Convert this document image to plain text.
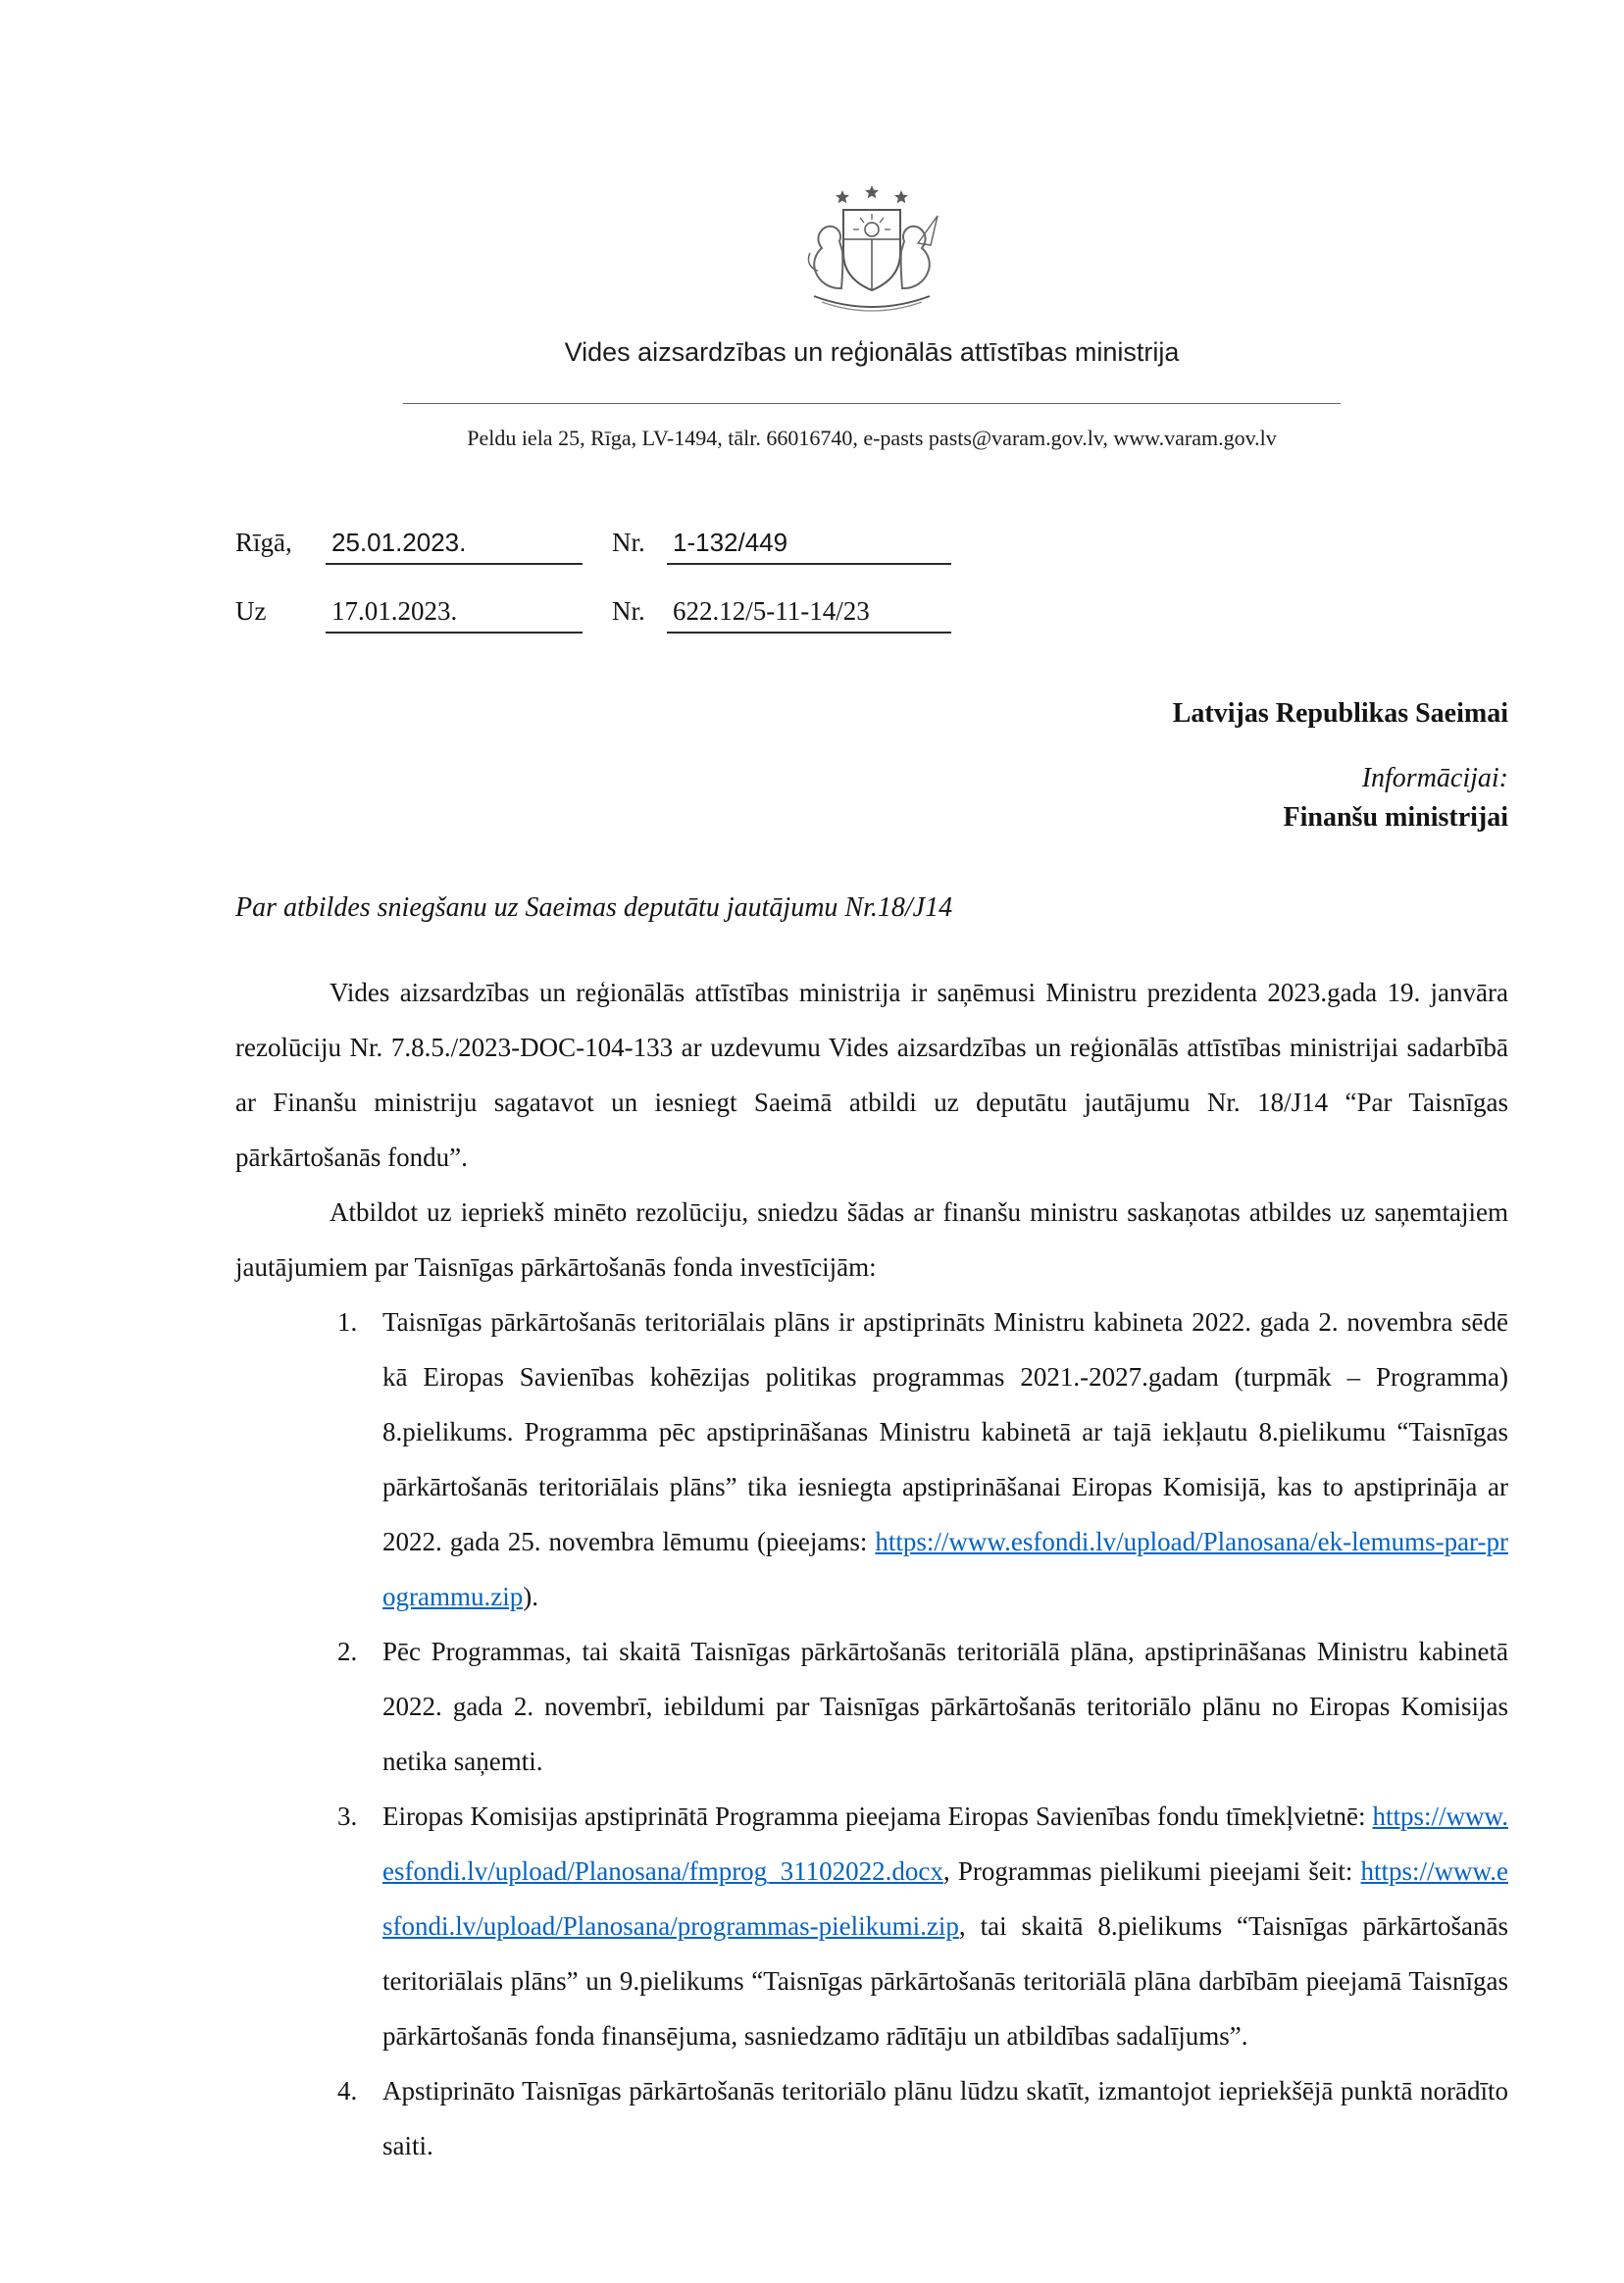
Vides aizsardzības un reģionālās attīstības ministrija
Peldu iela 25, Rīga, LV-1494, tālr. 66016740, e-pasts pasts@varam.gov.lv, www.varam.gov.lv
Rīgā,	25.01.2023.	Nr.	1-132/449
Uz	17.01.2023.	Nr.	622.12/5-11-14/23
Latvijas Republikas Saeimai
Informācijai:
Finanšu ministrijai
Par atbildes sniegšanu uz Saeimas deputātu jautājumu Nr.18/J14

Vides aizsardzības un reģionālās attīstības ministrija ir saņēmusi Ministru prezidenta 2023.gada 19. janvāra rezolūciju Nr. 7.8.5./2023-DOC-104-133 ar uzdevumu Vides aizsardzības un reģionālās attīstības ministrijai sadarbībā ar Finanšu ministriju sagatavot un iesniegt Saeimā atbildi uz deputātu jautājumu Nr. 18/J14 “Par Taisnīgas pārkārtošanās fondu”.

Atbildot uz iepriekš minēto rezolūciju, sniedzu šādas ar finanšu ministru saskaņotas atbildes uz saņemtajiem jautājumiem par Taisnīgas pārkārtošanās fonda investīcijām:

1. Taisnīgas pārkārtošanās teritoriālais plāns ir apstiprināts Ministru kabineta 2022. gada 2. novembra sēdē kā Eiropas Savienības kohēzijas politikas programmas 2021.-2027.gadam (turpmāk – Programma) 8.pielikums. Programma pēc apstiprināšanas Ministru kabinetā ar tajā iekļautu 8.pielikumu “Taisnīgas pārkārtošanās teritoriālais plāns” tika iesniegta apstiprināšanai Eiropas Komisijā, kas to apstiprināja ar 2022. gada 25. novembra lēmumu (pieejams: https://www.esfondi.lv/upload/Planosana/ek-lemums-par-programmu.zip).
2. Pēc Programmas, tai skaitā Taisnīgas pārkārtošanās teritoriālā plāna, apstiprināšanas Ministru kabinetā 2022. gada 2. novembrī, iebildumi par Taisnīgas pārkārtošanās teritoriālo plānu no Eiropas Komisijas netika saņemti.
3. Eiropas Komisijas apstiprinātā Programma pieejama Eiropas Savienības fondu tīmekļvietnē: https://www.esfondi.lv/upload/Planosana/fmprog_31102022.docx, Programmas pielikumi pieejami šeit: https://www.esfondi.lv/upload/Planosana/programmas-pielikumi.zip, tai skaitā 8.pielikums “Taisnīgas pārkārtošanās teritoriālais plāns” un 9.pielikums “Taisnīgas pārkārtošanās teritoriālā plāna darbībām pieejamā Taisnīgas pārkārtošanās fonda finansējuma, sasniedzamo rādītāju un atbildības sadalījums”.
4. Apstiprināto Taisnīgas pārkārtošanās teritoriālo plānu lūdzu skatīt, izmantojot iepriekšējā punktā norādīto saiti.
